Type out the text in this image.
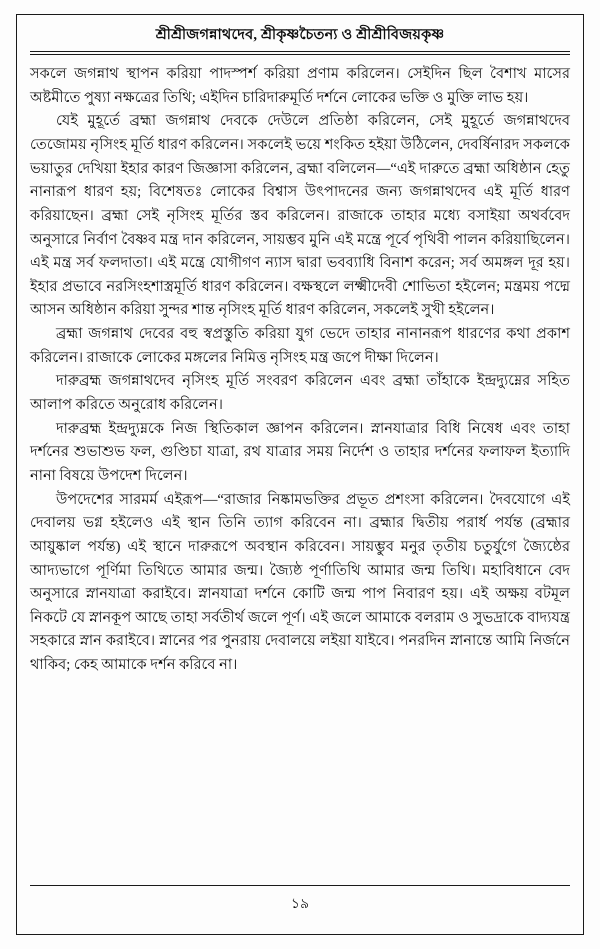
শ্রীশ্রীজগন্নাথদেব, শ্রীকৃষ্ণচৈতন্য ও শ্রীশ্রীবিজয়কৃষ্ণ

সকলে জগন্নাথ স্থাপন করিয়া পাদস্পর্শ করিয়া প্রণাম করিলেন। সেইদিন ছিল বৈশাখ মাসের অষ্টমীতে পুষ্যা নক্ষত্রের তিথি; এইদিন চারিদারুমূর্তি দর্শনে লোকের ভক্তি ও মুক্তি লাভ হয়।

যেই মুহূর্তে ব্রহ্মা জগন্নাথ দেবকে দেউলে প্রতিষ্ঠা করিলেন, সেই মুহূর্তে জগন্নাথদেব তেজোময় নৃসিংহ মূর্তি ধারণ করিলেন। সকলেই ভয়ে শংকিত হইয়া উঠিলেন, দেবর্ষিনারদ সকলকে ভয়াতুর দেখিয়া ইহার কারণ জিজ্ঞাসা করিলেন, ব্রহ্মা বলিলেন—“এই দারুতে ব্রহ্মা অধিষ্ঠান হেতু নানারূপ ধারণ হয়; বিশেষতঃ লোকের বিশ্বাস উৎপাদনের জন্য জগন্নাথদেব এই মূর্তি ধারণ করিয়াছেন। ব্রহ্মা সেই নৃসিংহ মূর্তির স্তব করিলেন। রাজাকে তাহার মধ্যে বসাইয়া অথর্ববেদ অনুসারে নির্বাণ বৈষ্ণব মন্ত্র দান করিলেন, সায়ম্ভব মুনি এই মন্ত্রে পূর্বে পৃথিবী পালন করিয়াছিলেন। এই মন্ত্র সর্ব ফলদাতা। এই মন্ত্রে যোগীগণ ন্যাস দ্বারা ভবব্যাধি বিনাশ করেন; সর্ব অমঙ্গল দূর হয়। ইহার প্রভাবে নরসিংহশাস্ত্রমূর্তি ধারণ করিলেন। বক্ষস্থলে লক্ষ্মীদেবী শোভিতা হইলেন; মন্ত্রময় পদ্মে আসন অধিষ্ঠান করিয়া সুন্দর শান্ত নৃসিংহ মূর্তি ধারণ করিলেন, সকলেই সুখী হইলেন।

ব্রহ্মা জগন্নাথ দেবের বহু স্বপ্রস্তুতি করিয়া যুগ ভেদে তাহার নানানরূপ ধারণের কথা প্রকাশ করিলেন। রাজাকে লোকের মঙ্গলের নিমিত্ত নৃসিংহ মন্ত্র জপে দীক্ষা দিলেন।

দারুব্রহ্ম জগন্নাথদেব নৃসিংহ মূর্তি সংবরণ করিলেন এবং ব্রহ্মা তাঁহাকে ইন্দ্রদ্যুম্নের সহিত আলাপ করিতে অনুরোধ করিলেন।

দারুব্রহ্ম ইন্দ্রদ্যুম্নকে নিজ স্থিতিকাল জ্ঞাপন করিলেন। স্নানযাত্রার বিধি নিষেধ এবং তাহা দর্শনের শুভাশুভ ফল, গুণ্ডিচা যাত্রা, রথ যাত্রার সময় নির্দেশ ও তাহার দর্শনের ফলাফল ইত্যাদি নানা বিষয়ে উপদেশ দিলেন।

উপদেশের সারমর্ম এইরূপ—“রাজার নিষ্কামভক্তির প্রভূত প্রশংসা করিলেন। দৈবযোগে এই দেবালয় ভগ্ন হইলেও এই স্থান তিনি ত্যাগ করিবেন না। ব্রহ্মার দ্বিতীয় পরার্ধ পর্যন্ত (ব্রহ্মার আয়ুষ্কাল পর্যন্ত) এই স্থানে দারুরূপে অবস্থান করিবেন। সায়ম্ভুব মনুর তৃতীয় চতুর্যুগে জ্যৈষ্ঠের আদ্যভাগে পূর্ণিমা তিথিতে আমার জন্ম। জ্যৈষ্ঠ পূর্ণাতিথি আমার জন্ম তিথি। মহাবিধানে বেদ অনুসারে স্নানযাত্রা করাইবে। স্নানযাত্রা দর্শনে কোটি জন্ম পাপ নিবারণ হয়। এই অক্ষয় বটমূল নিকটে যে স্নানকূপ আছে তাহা সর্বতীর্থ জলে পূর্ণ। এই জলে আমাকে বলরাম ও সুভদ্রাকে বাদ্যযন্ত্র সহকারে স্নান করাইবে। স্নানের পর পুনরায় দেবালয়ে লইয়া যাইবে। পনরদিন স্নানান্তে আমি নির্জনে থাকিব; কেহ আমাকে দর্শন করিবে না।

১৯
